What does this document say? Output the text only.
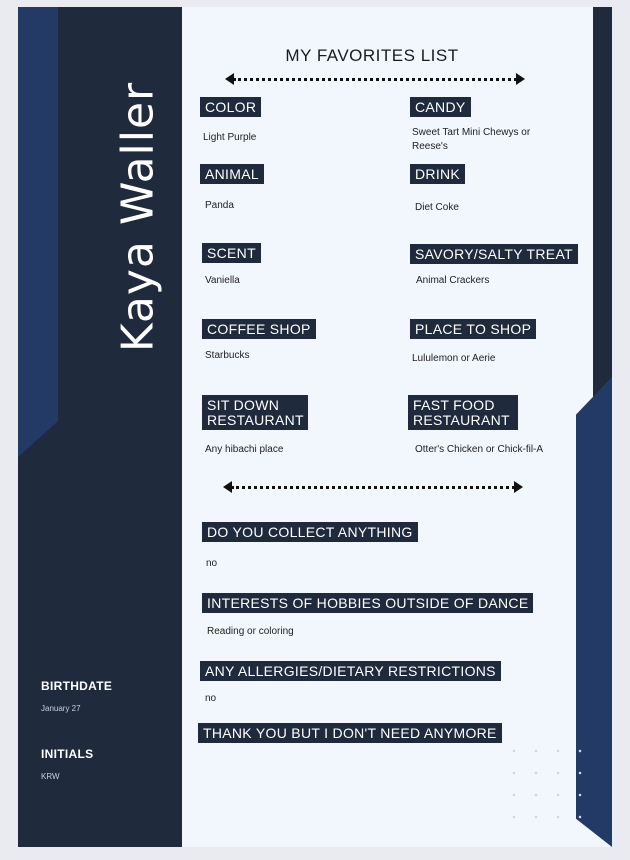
Kaya Waller
BIRTHDATE
January 27
INITIALS
KRW
MY FAVORITES LIST
COLOR
Light Purple
CANDY
Sweet Tart Mini Chewys or Reese's
ANIMAL
Panda
DRINK
Diet Coke
SCENT
Vaniella
SAVORY/SALTY TREAT
Animal Crackers
COFFEE SHOP
Starbucks
PLACE TO SHOP
Lululemon or Aerie
SIT DOWN RESTAURANT
Any hibachi place
FAST FOOD RESTAURANT
Otter's Chicken or Chick-fil-A
DO YOU COLLECT ANYTHING
no
INTERESTS OF HOBBIES OUTSIDE OF DANCE
Reading or coloring
ANY ALLERGIES/DIETARY RESTRICTIONS
no
THANK YOU BUT I DON'T NEED ANYMORE
